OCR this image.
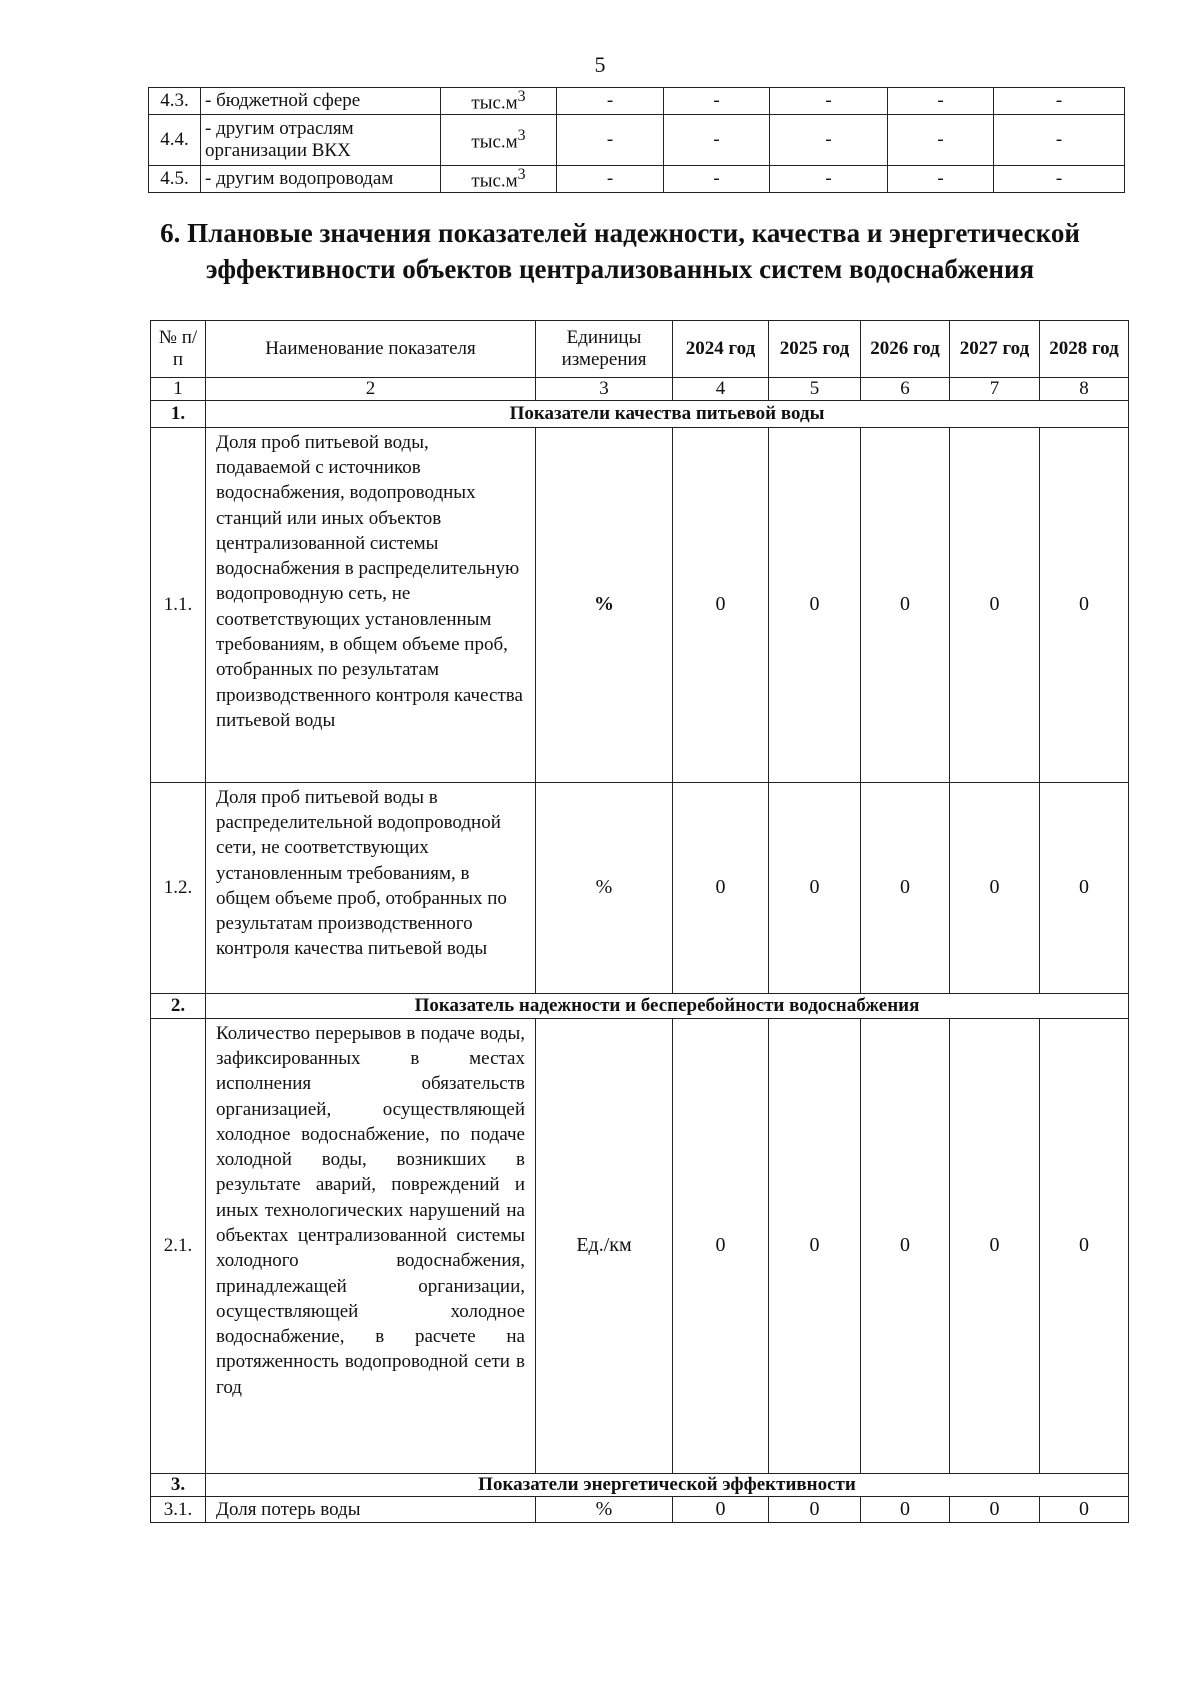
5
4.3.	- бюджетной сфере	$тыс.м^3$	-	-	-	-	-
4.4.	- другим отраслям организации ВКХ	$тыс.м^3$	-	-	-	-	-
4.5.	- другим водопроводам	$тыс.м^3$	-	-	-	-	-
6. Плановые значения показателей надежности, качества и энергетической эффективности объектов централизованных систем водоснабжения
№ п/п	Наименование показателя	Единицы измерения	2024 год	2025 год	2026 год	2027 год	2028 год
1	2	3	4	5	6	7	8
1.	Показатели качества питьевой воды						
1.1.	Доля проб питьевой воды, подаваемой с источников водоснабжения, водопроводных станций или иных объектов централизованной системы водоснабжения в распределительную водопроводную сеть, не соответствующих установленным требованиям, в общем объеме проб, отобранных по результатам производственного контроля качества питьевой воды	%	0	0	0	0	0
1.2.	Доля проб питьевой воды в распределительной водопроводной сети, не соответствующих установленным требованиям, в общем объеме проб, отобранных по результатам производственного контроля качества питьевой воды	%	0	0	0	0	0
2.	Показатель надежности и бесперебойности водоснабжения						
2.1.	Количество перерывов в подаче воды, зафиксированных в местах исполнения обязательств организацией, осуществляющей холодное водоснабжение, по подаче холодной воды, возникших в результате аварий, повреждений и иных технологических нарушений на объектах централизованной системы холодного водоснабжения, принадлежащей организации, осуществляющей холодное водоснабжение, в расчете на протяженность водопроводной сети в год	Ед./км	0	0	0	0	0
3.	Показатели энергетической эффективности						
3.1.	Доля потерь воды	%	0	0	0	0	0
